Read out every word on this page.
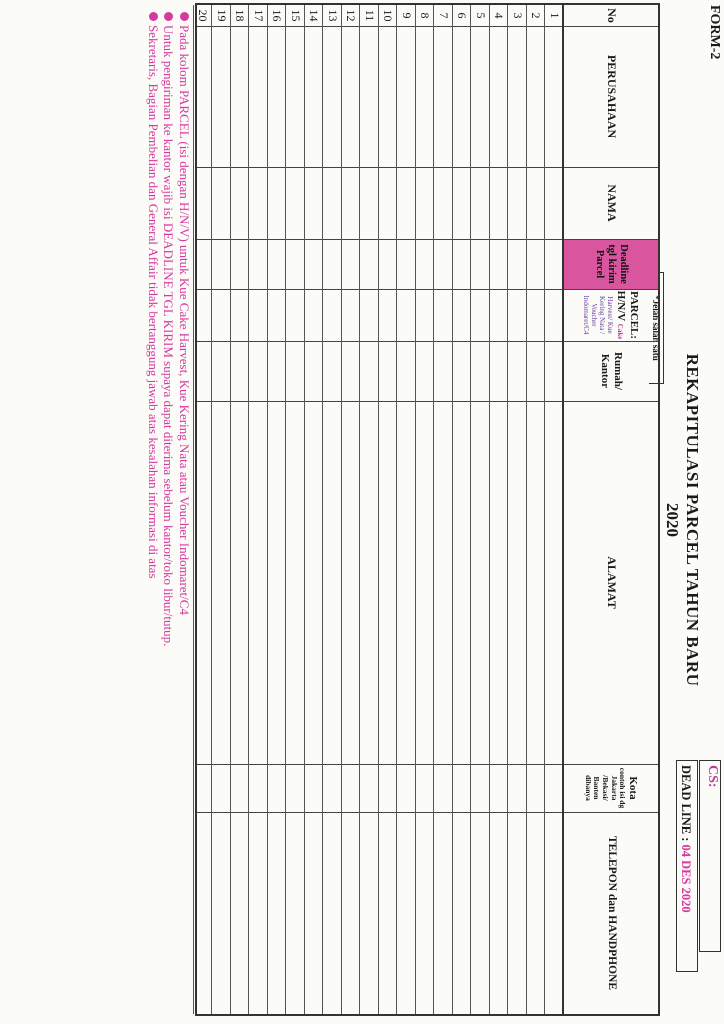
FORM-2
REKAPITULASI PARCEL TAHUN BARU
2020
CS:
DEAD LINE : 04 DES 2020
*Jelah salah satu
No
PERUSAHAAN
NAMA
Deadline tgl kirim Parcel
PARCEL:
H/N/V Cake
Harvest/ Kue Kering Nata / Voucher Indomaret/C4
Rumah/ Kantor
ALAMAT
Kota
contoh isi dg Jakarta /Bekasi/ Banten dibanya
TELEPON dan HANDPHONE
1
2
3
4
5
6
7
8
9
10
11
12
13
14
15
16
17
18
19
20
Pada kolom PARCEL (isi dengan H/N/V) untuk Kue Cake Harvest, Kue Kering Nata atau Voucher Indomaret/C4
Untuk pengiriman ke kantor wajib isi DEADLINE TGL KIRIM supaya dapat diterima sebelum kantor/toko libur/tutup.
Sekretaris, Bagian Pembelian dan General Affair tidak bertanggung jawab atas kesalahan informasi di atas
